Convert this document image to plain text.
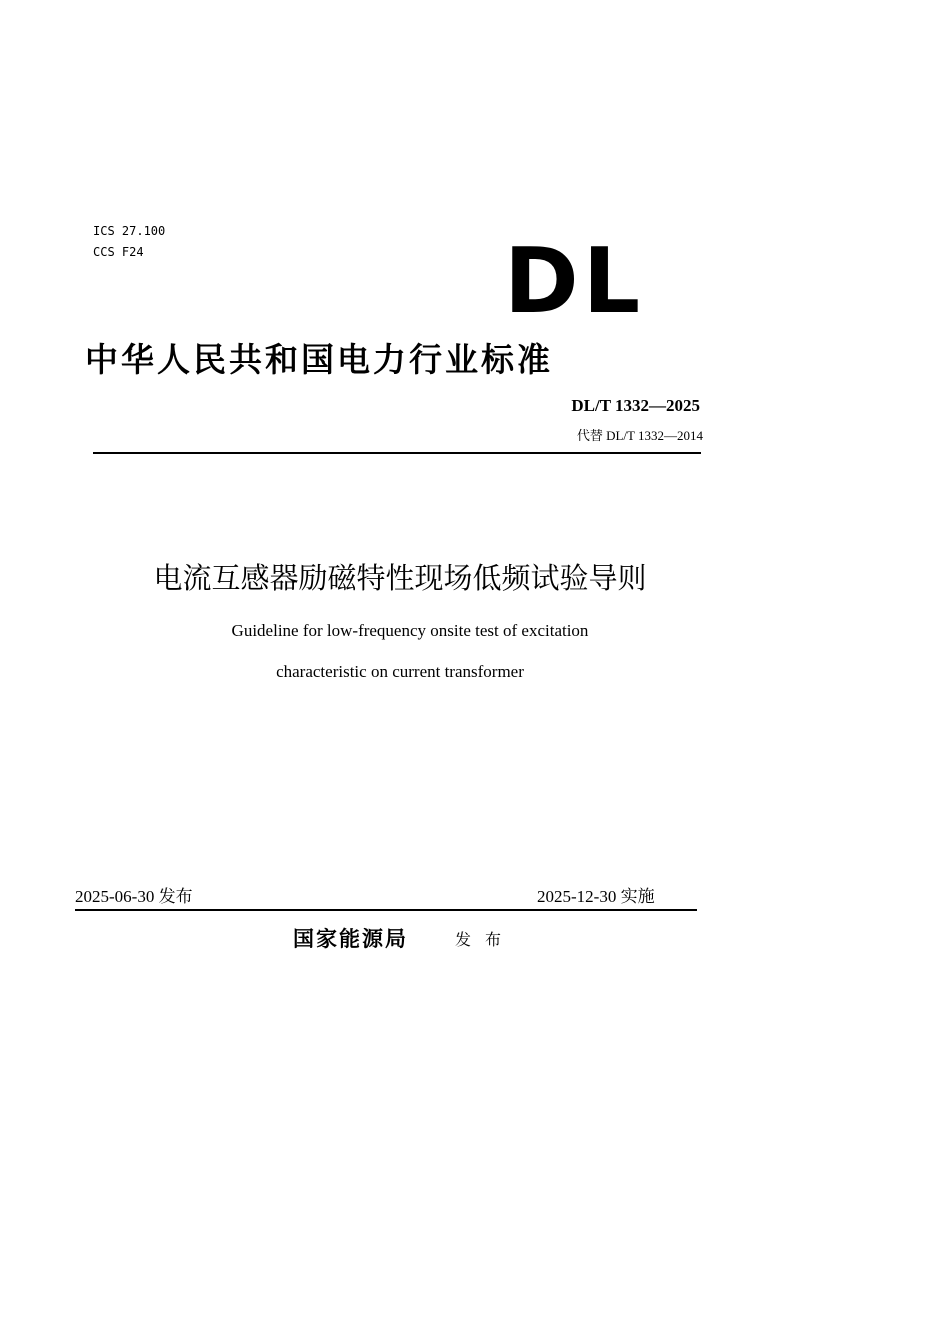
ICS 27.100
CCS F24	DL
中华人民共和国电力行业标准
DL/T 1332—2025
代替 DL/T 1332—2014
电流互感器励磁特性现场低频试验导则
Guideline for low-frequency onsite test of excitation
characteristic on current transformer
2025-06-30 发布	2025-12-30 实施
国家能源局	发布
